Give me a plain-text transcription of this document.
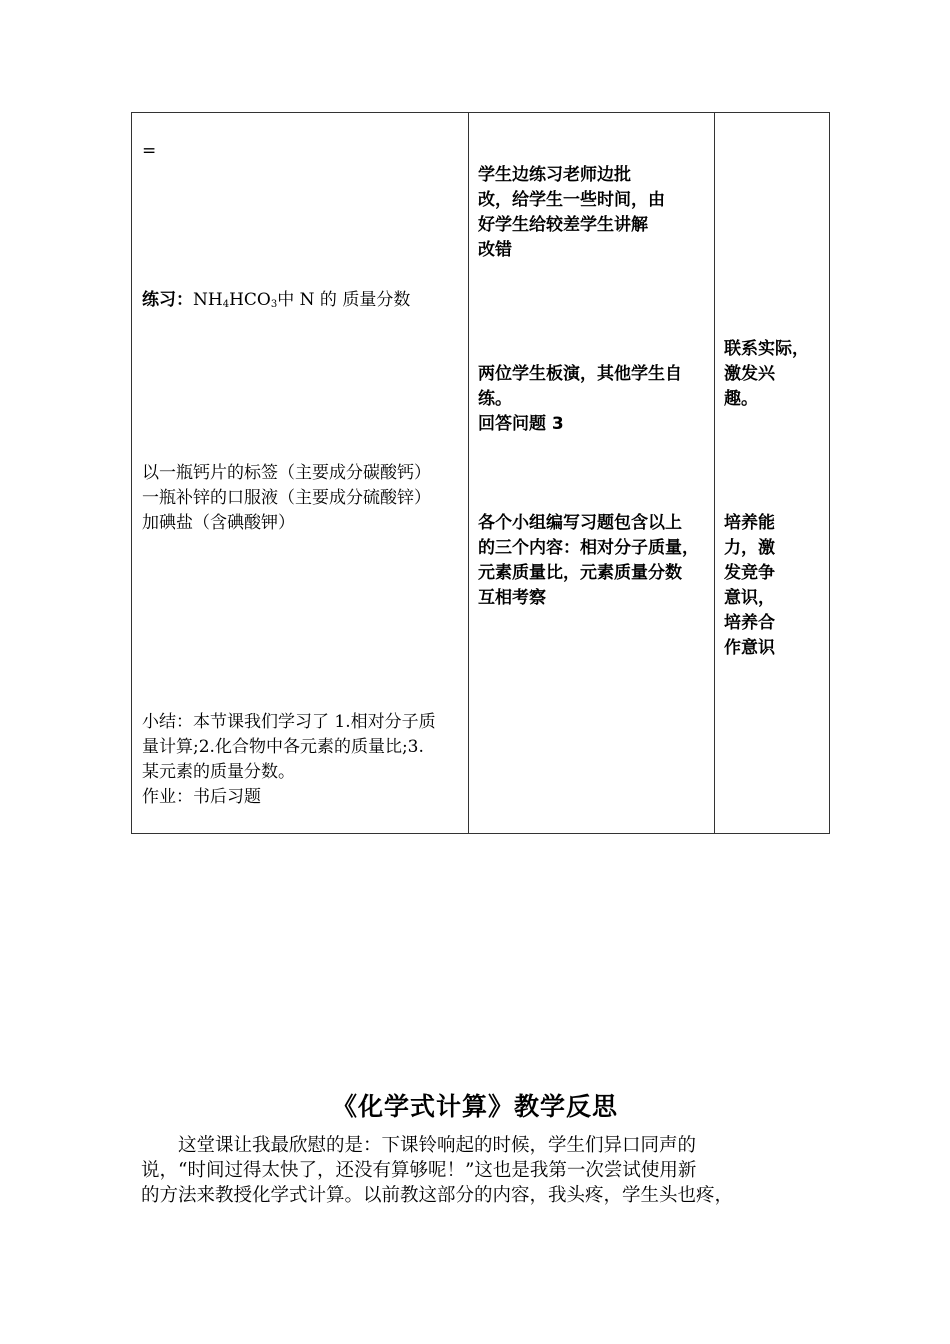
=
练习：$NH_4HCO_3$中 N 的 质量分数
以一瓶钙片的标签（主要成分碳酸钙）
一瓶补锌的口服液（主要成分硫酸锌）
加碘盐（含碘酸钾）
小结：本节课我们学习了 1.相对分子质
量计算;2.化合物中各元素的质量比;3.
某元素的质量分数。
作业：书后习题
学生边练习老师边批
改，给学生一些时间，由
好学生给较差学生讲解
改错
两位学生板演，其他学生自
练。
回答问题 3
各个小组编写习题包含以上
的三个内容：相对分子质量，
元素质量比，元素质量分数
互相考察
联系实际，
激发兴
趣。
培养能
力，激
发竞争
意识，
培养合
作意识
《化学式计算》教学反思
　　这堂课让我最欣慰的是：下课铃响起的时候，学生们异口同声的
说，“时间过得太快了，还没有算够呢！”这也是我第一次尝试使用新
的方法来教授化学式计算。以前教这部分的内容，我头疼，学生头也疼，
